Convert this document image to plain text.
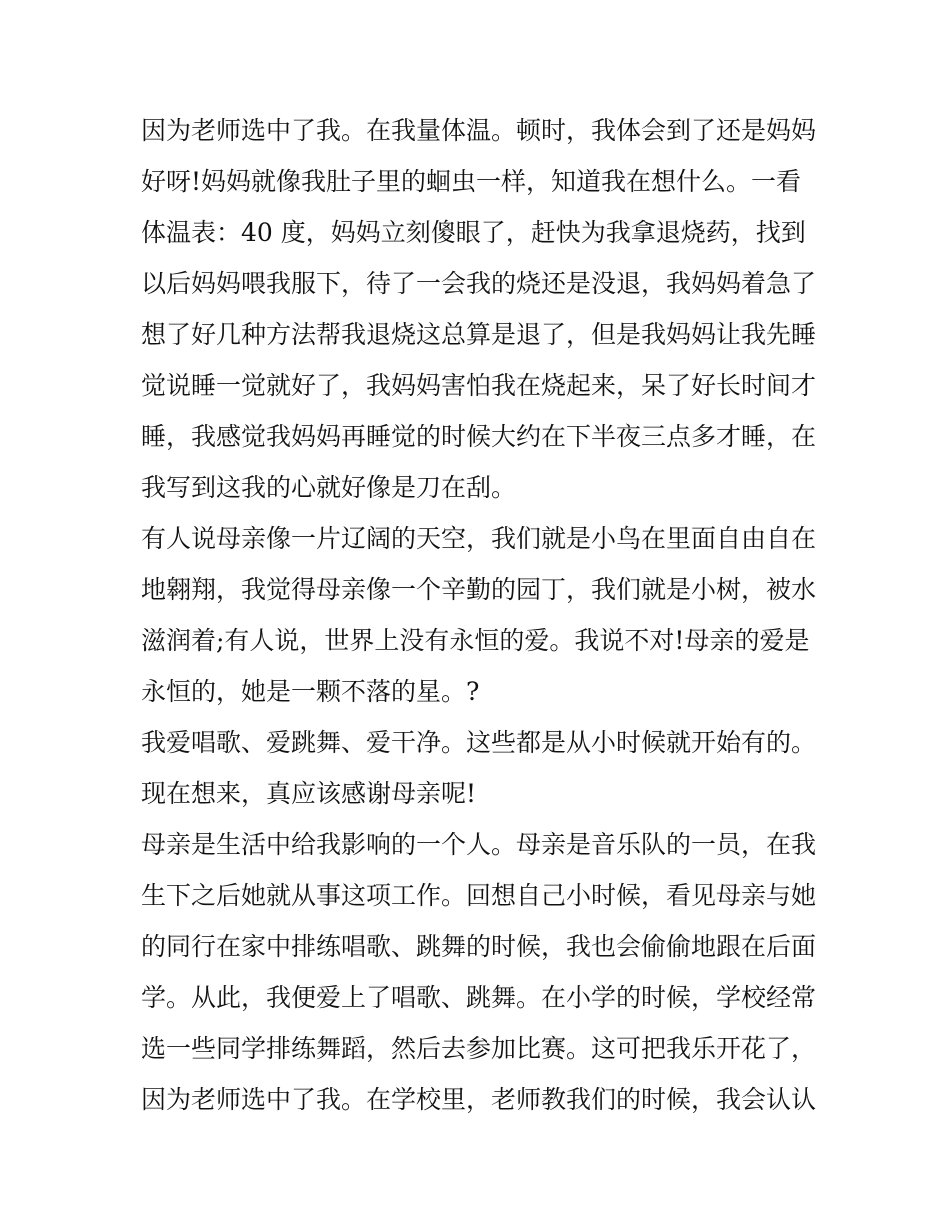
因为老师选中了我。在我量体温。顿时，我体会到了还是妈妈
好呀!妈妈就像我肚子里的蛔虫一样，知道我在想什么。一看
体温表：40 度，妈妈立刻傻眼了，赶快为我拿退烧药，找到
以后妈妈喂我服下，待了一会我的烧还是没退，我妈妈着急了
想了好几种方法帮我退烧这总算是退了，但是我妈妈让我先睡
觉说睡一觉就好了，我妈妈害怕我在烧起来，呆了好长时间才
睡，我感觉我妈妈再睡觉的时候大约在下半夜三点多才睡，在
我写到这我的心就好像是刀在刮。
有人说母亲像一片辽阔的天空，我们就是小鸟在里面自由自在
地翱翔，我觉得母亲像一个辛勤的园丁，我们就是小树，被水
滋润着;有人说，世界上没有永恒的爱。我说不对!母亲的爱是
永恒的，她是一颗不落的星。?
我爱唱歌、爱跳舞、爱干净。这些都是从小时候就开始有的。
现在想来，真应该感谢母亲呢!
母亲是生活中给我影响的一个人。母亲是音乐队的一员，在我
生下之后她就从事这项工作。回想自己小时候，看见母亲与她
的同行在家中排练唱歌、跳舞的时候，我也会偷偷地跟在后面
学。从此，我便爱上了唱歌、跳舞。在小学的时候，学校经常
选一些同学排练舞蹈，然后去参加比赛。这可把我乐开花了，
因为老师选中了我。在学校里，老师教我们的时候，我会认认
